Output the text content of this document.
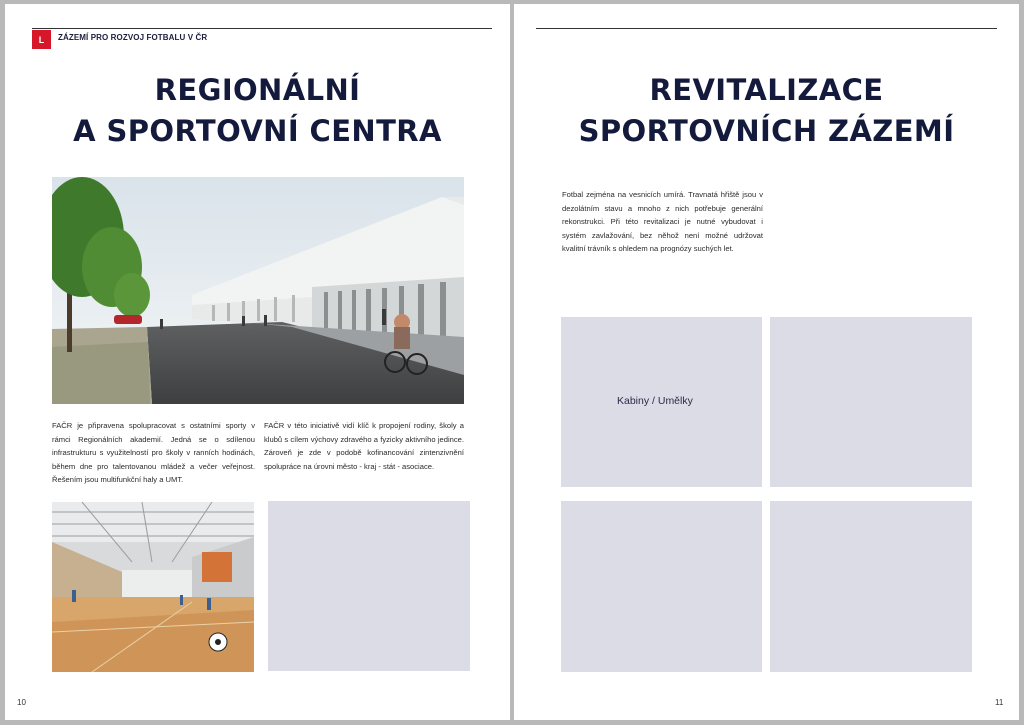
L	ZÁZEMÍ PRO ROZVOJ FOTBALU V ČR
REGIONÁLNÍ
A SPORTOVNÍ CENTRA
FAČR je připravena spolupracovat s ostatními sporty v rámci Regionálních akademií. Jedná se o sdílenou infrastrukturu s využitelností pro školy v ranních hodinách, během dne pro talentovanou mládež a večer veřejnost. Řešením jsou multifunkční haly a UMT.
FAČR v této iniciativě vidí klíč k propojení rodiny, školy a klubů s cílem výchovy zdravého a fyzicky aktivního jedince. Zároveň je zde v podobě kofinancování zintenzivnění spolupráce na úrovni město - kraj - stát - asociace.
10
REVITALIZACE
SPORTOVNÍCH ZÁZEMÍ
Fotbal zejména na vesnicích umírá. Travnatá hřiště jsou v dezolátním stavu a mnoho z nich potřebuje generální rekonstrukci. Při této revitalizaci je nutné vybudovat i systém zavlažování, bez něhož není možné udržovat kvalitní trávník s ohledem na prognózy suchých let.
Kabiny / Umělky
11
